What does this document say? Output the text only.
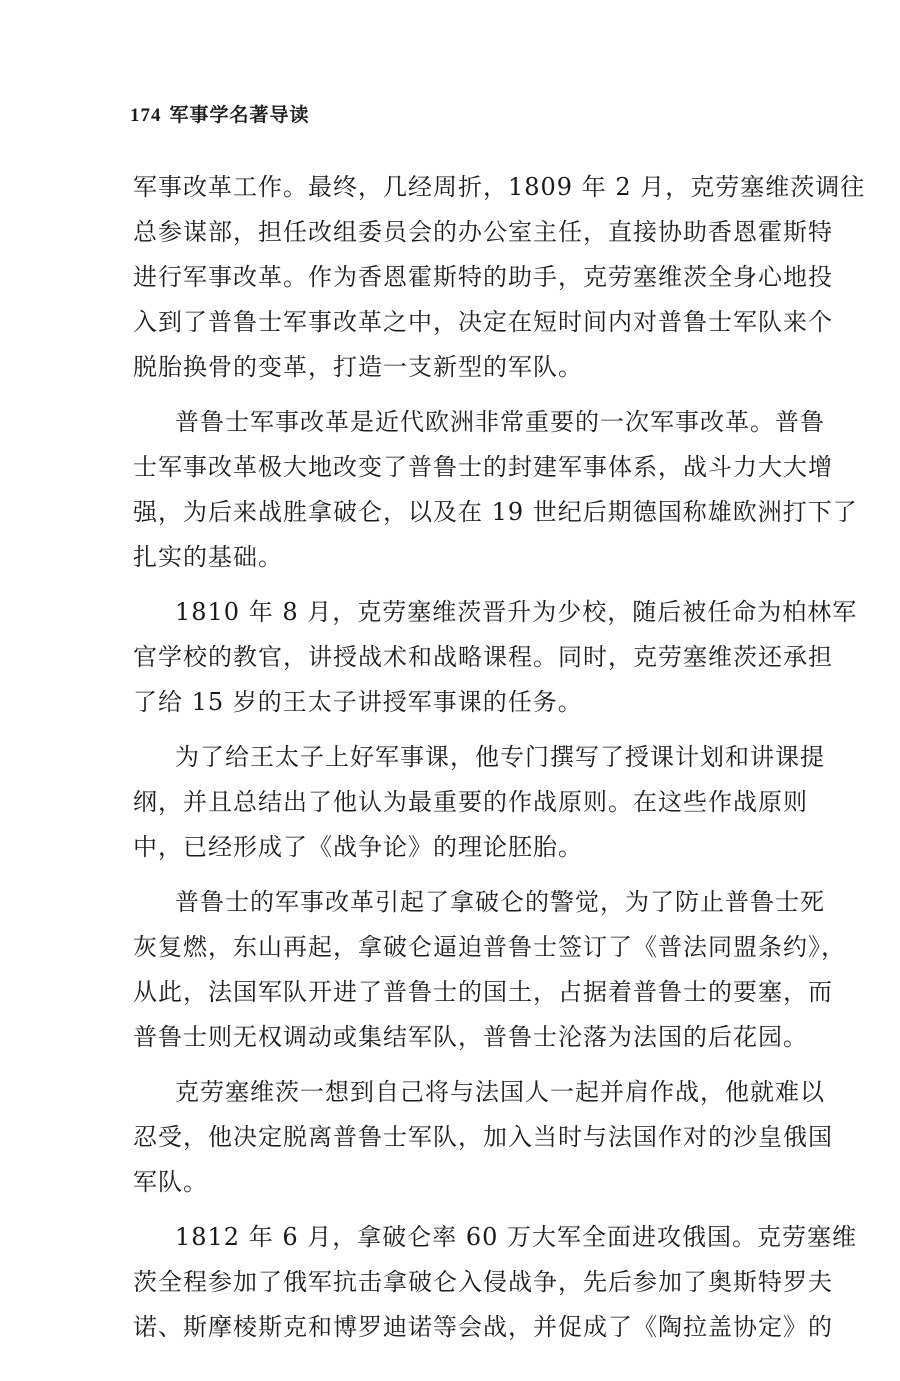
174 军事学名著导读
军事改革工作。最终，几经周折，1809 年 2 月，克劳塞维茨调往
总参谋部，担任改组委员会的办公室主任，直接协助香恩霍斯特
进行军事改革。作为香恩霍斯特的助手，克劳塞维茨全身心地投
入到了普鲁士军事改革之中，决定在短时间内对普鲁士军队来个
脱胎换骨的变革，打造一支新型的军队。
普鲁士军事改革是近代欧洲非常重要的一次军事改革。普鲁
士军事改革极大地改变了普鲁士的封建军事体系，战斗力大大增
强，为后来战胜拿破仑，以及在 19 世纪后期德国称雄欧洲打下了
扎实的基础。
1810 年 8 月，克劳塞维茨晋升为少校，随后被任命为柏林军
官学校的教官，讲授战术和战略课程。同时，克劳塞维茨还承担
了给 15 岁的王太子讲授军事课的任务。
为了给王太子上好军事课，他专门撰写了授课计划和讲课提
纲，并且总结出了他认为最重要的作战原则。在这些作战原则
中，已经形成了《战争论》的理论胚胎。
普鲁士的军事改革引起了拿破仑的警觉，为了防止普鲁士死
灰复燃，东山再起，拿破仑逼迫普鲁士签订了《普法同盟条约》，
从此，法国军队开进了普鲁士的国土，占据着普鲁士的要塞，而
普鲁士则无权调动或集结军队，普鲁士沦落为法国的后花园。
克劳塞维茨一想到自己将与法国人一起并肩作战，他就难以
忍受，他决定脱离普鲁士军队，加入当时与法国作对的沙皇俄国
军队。
1812 年 6 月，拿破仑率 60 万大军全面进攻俄国。克劳塞维
茨全程参加了俄军抗击拿破仑入侵战争，先后参加了奥斯特罗夫
诺、斯摩棱斯克和博罗迪诺等会战，并促成了《陶拉盖协定》的
